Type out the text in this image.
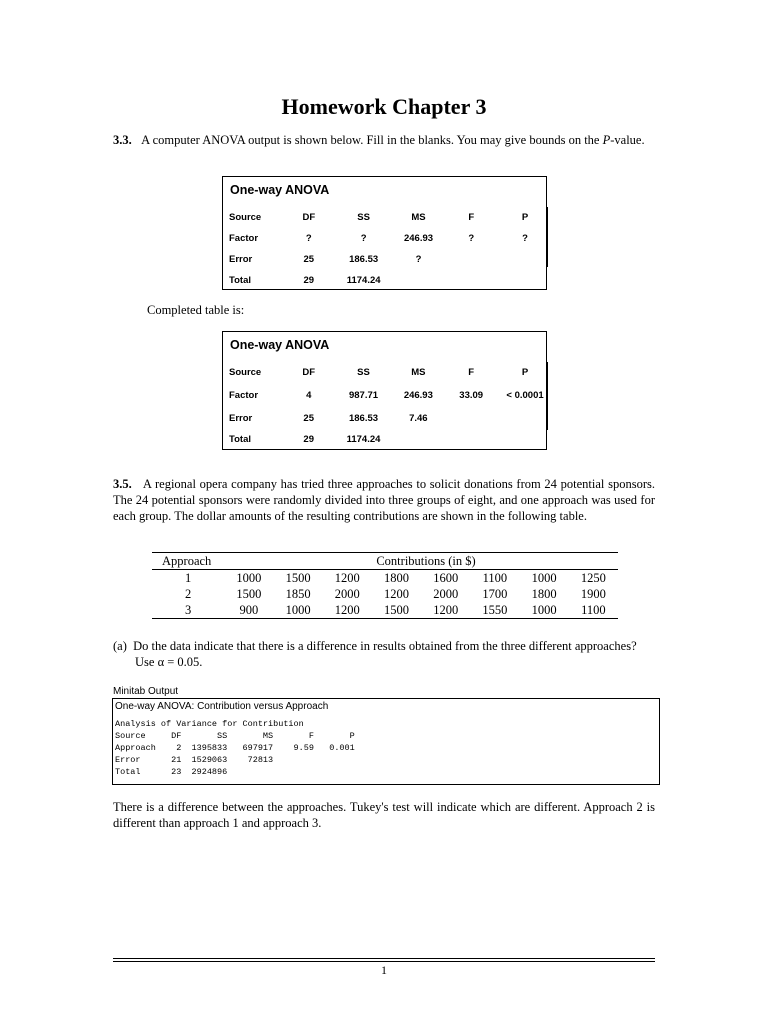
Homework Chapter 3
3.3. A computer ANOVA output is shown below. Fill in the blanks. You may give bounds on the P-value.
One-way ANOVA
Source	DF	SS	MS	F	P
Factor	?	?	246.93	?	?
Error	25	186.53	?		
Total	29	1174.24			
Completed table is:
One-way ANOVA
Source	DF	SS	MS	F	P
Factor	4	987.71	246.93	33.09	< 0.0001
Error	25	186.53	7.46		
Total	29	1174.24			
3.5. A regional opera company has tried three approaches to solicit donations from 24 potential sponsors. The 24 potential sponsors were randomly divided into three groups of eight, and one approach was used for each group. The dollar amounts of the resulting contributions are shown in the following table.
Approach	Contributions (in $)
1	1000	1500	1200	1800	1600	1100	1000	1250
2	1500	1850	2000	1200	2000	1700	1800	1900
3	900	1000	1200	1500	1200	1550	1000	1100
(a) Do the data indicate that there is a difference in results obtained from the three different approaches?
Use α = 0.05.
Minitab Output
One-way ANOVA: Contribution versus Approach
Analysis of Variance for Contribution
Source     DF       SS       MS       F       P
Approach    2  1395833   697917    9.59   0.001
Error      21  1529063    72813
Total      23  2924896
There is a difference between the approaches. Tukey's test will indicate which are different. Approach 2 is different than approach 1 and approach 3.
1
